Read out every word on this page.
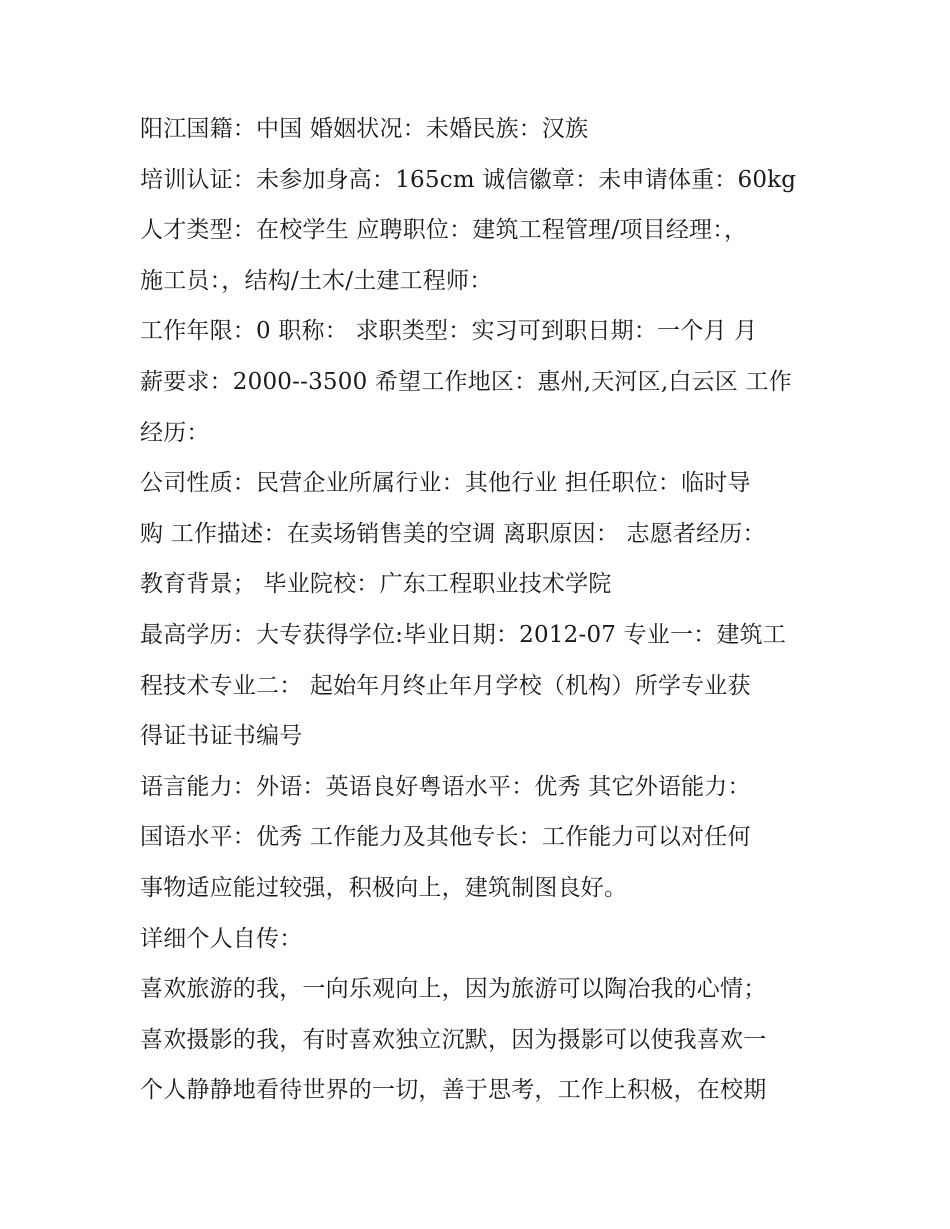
阳江国籍：中国 婚姻状况：未婚民族：汉族
培训认证：未参加身高：165cm 诚信徽章：未申请体重：60kg
人才类型：在校学生 应聘职位：建筑工程管理/项目经理：，
施工员：，结构/土木/土建工程师：
工作年限：0 职称： 求职类型：实习可到职日期：一个月 月
薪要求：2000--3500 希望工作地区：惠州,天河区,白云区 工作
经历：
公司性质：民营企业所属行业：其他行业 担任职位：临时导
购 工作描述：在卖场销售美的空调 离职原因： 志愿者经历：
教育背景； 毕业院校：广东工程职业技术学院
最高学历：大专获得学位:毕业日期：2012-07 专业一：建筑工
程技术专业二： 起始年月终止年月学校（机构）所学专业获
得证书证书编号
语言能力：外语：英语良好粤语水平：优秀 其它外语能力：
国语水平：优秀 工作能力及其他专长：工作能力可以对任何
事物适应能过较强，积极向上，建筑制图良好。
详细个人自传：
喜欢旅游的我，一向乐观向上，因为旅游可以陶冶我的心情；
喜欢摄影的我，有时喜欢独立沉默，因为摄影可以使我喜欢一
个人静静地看待世界的一切，善于思考，工作上积极，在校期
